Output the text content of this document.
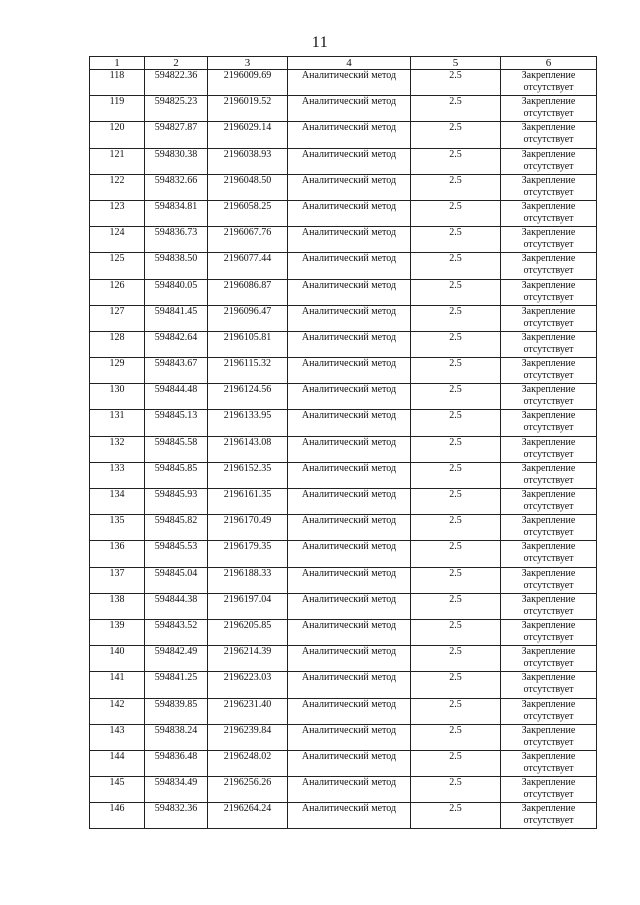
11
1	2	3	4	5	6
118	594822.36	2196009.69	Аналитический метод	2.5	Закрепление
отсутствует

119	594825.23	2196019.52	Аналитический метод	2.5	Закрепление
отсутствует

120	594827.87	2196029.14	Аналитический метод	2.5	Закрепление
отсутствует

121	594830.38	2196038.93	Аналитический метод	2.5	Закрепление
отсутствует

122	594832.66	2196048.50	Аналитический метод	2.5	Закрепление
отсутствует

123	594834.81	2196058.25	Аналитический метод	2.5	Закрепление
отсутствует

124	594836.73	2196067.76	Аналитический метод	2.5	Закрепление
отсутствует

125	594838.50	2196077.44	Аналитический метод	2.5	Закрепление
отсутствует

126	594840.05	2196086.87	Аналитический метод	2.5	Закрепление
отсутствует

127	594841.45	2196096.47	Аналитический метод	2.5	Закрепление
отсутствует

128	594842.64	2196105.81	Аналитический метод	2.5	Закрепление
отсутствует

129	594843.67	2196115.32	Аналитический метод	2.5	Закрепление
отсутствует

130	594844.48	2196124.56	Аналитический метод	2.5	Закрепление
отсутствует

131	594845.13	2196133.95	Аналитический метод	2.5	Закрепление
отсутствует

132	594845.58	2196143.08	Аналитический метод	2.5	Закрепление
отсутствует

133	594845.85	2196152.35	Аналитический метод	2.5	Закрепление
отсутствует

134	594845.93	2196161.35	Аналитический метод	2.5	Закрепление
отсутствует

135	594845.82	2196170.49	Аналитический метод	2.5	Закрепление
отсутствует

136	594845.53	2196179.35	Аналитический метод	2.5	Закрепление
отсутствует

137	594845.04	2196188.33	Аналитический метод	2.5	Закрепление
отсутствует

138	594844.38	2196197.04	Аналитический метод	2.5	Закрепление
отсутствует

139	594843.52	2196205.85	Аналитический метод	2.5	Закрепление
отсутствует

140	594842.49	2196214.39	Аналитический метод	2.5	Закрепление
отсутствует

141	594841.25	2196223.03	Аналитический метод	2.5	Закрепление
отсутствует

142	594839.85	2196231.40	Аналитический метод	2.5	Закрепление
отсутствует

143	594838.24	2196239.84	Аналитический метод	2.5	Закрепление
отсутствует

144	594836.48	2196248.02	Аналитический метод	2.5	Закрепление
отсутствует

145	594834.49	2196256.26	Аналитический метод	2.5	Закрепление
отсутствует

146	594832.36	2196264.24	Аналитический метод	2.5	Закрепление
отсутствует
